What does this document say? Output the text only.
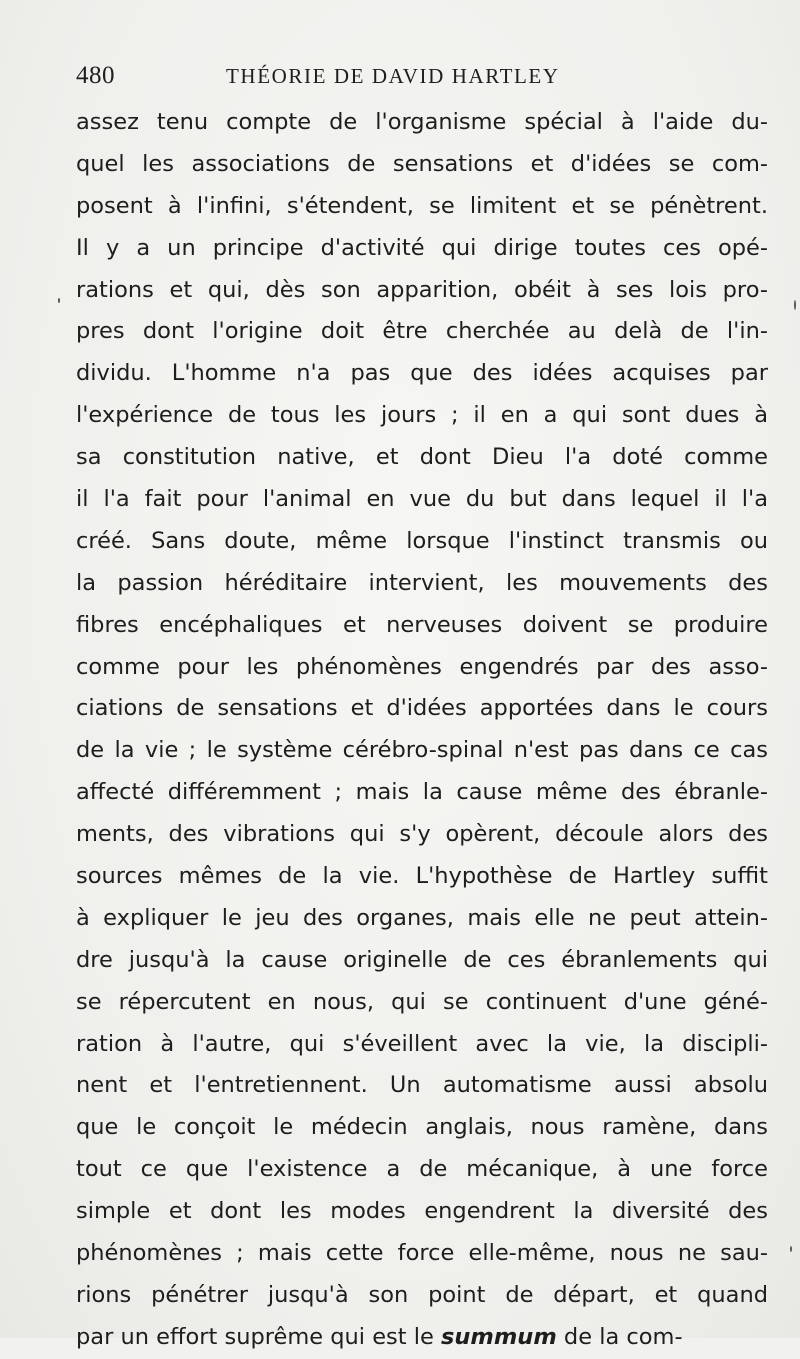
480	THÉORIE DE DAVID HARTLEY
assez tenu compte de l'organisme spécial à l'aide du-
quel les associations de sensations et d'idées se com-
posent à l'infini, s'étendent, se limitent et se pénètrent.
Il y a un principe d'activité qui dirige toutes ces opé-
rations et qui, dès son apparition, obéit à ses lois pro-
pres dont l'origine doit être cherchée au delà de l'in-
dividu. L'homme n'a pas que des idées acquises par
l'expérience de tous les jours ; il en a qui sont dues à
sa constitution native, et dont Dieu l'a doté comme
il l'a fait pour l'animal en vue du but dans lequel il l'a
créé. Sans doute, même lorsque l'instinct transmis ou
la passion héréditaire intervient, les mouvements des
fibres encéphaliques et nerveuses doivent se produire
comme pour les phénomènes engendrés par des asso-
ciations de sensations et d'idées apportées dans le cours
de la vie ; le système cérébro-spinal n'est pas dans ce cas
affecté différemment ; mais la cause même des ébranle-
ments, des vibrations qui s'y opèrent, découle alors des
sources mêmes de la vie. L'hypothèse de Hartley suffit
à expliquer le jeu des organes, mais elle ne peut attein-
dre jusqu'à la cause originelle de ces ébranlements qui
se répercutent en nous, qui se continuent d'une géné-
ration à l'autre, qui s'éveillent avec la vie, la discipli-
nent et l'entretiennent. Un automatisme aussi absolu
que le conçoit le médecin anglais, nous ramène, dans
tout ce que l'existence a de mécanique, à une force
simple et dont les modes engendrent la diversité des
phénomènes ; mais cette force elle-même, nous ne sau-
rions pénétrer jusqu'à son point de départ, et quand
par un effort suprême qui est le summum de la com-
